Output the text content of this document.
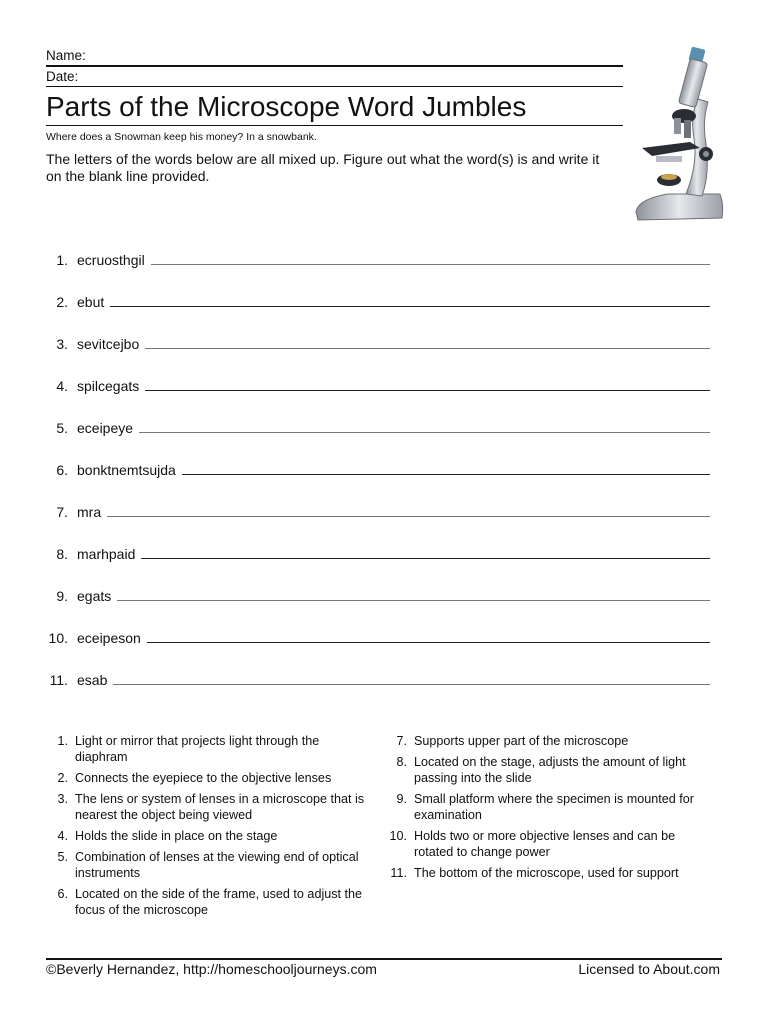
Name:
Date:
Parts of the Microscope Word Jumbles
Where does a Snowman keep his money? In a snowbank.
The letters of the words below are all mixed up. Figure out what the word(s) is and write it on the blank line provided.
1. ecruosthgil
2. ebut
3. sevitcejbo
4. spilcegats
5. eceipeye
6. bonktnemtsujda
7. mra
8. marhpaid
9. egats
10. eceipeson
11. esab
1. Light or mirror that projects light through the diaphram
2. Connects the eyepiece to the objective lenses
3. The lens or system of lenses in a microscope that is nearest the object being viewed
4. Holds the slide in place on the stage
5. Combination of lenses at the viewing end of optical instruments
6. Located on the side of the frame, used to adjust the focus of the microscope
7. Supports upper part of the microscope
8. Located on the stage, adjusts the amount of light passing into the slide
9. Small platform where the specimen is mounted for examination
10. Holds two or more objective lenses and can be rotated to change power
11. The bottom of the microscope, used for support
©Beverly Hernandez, http://homeschooljourneys.com	Licensed to About.com
